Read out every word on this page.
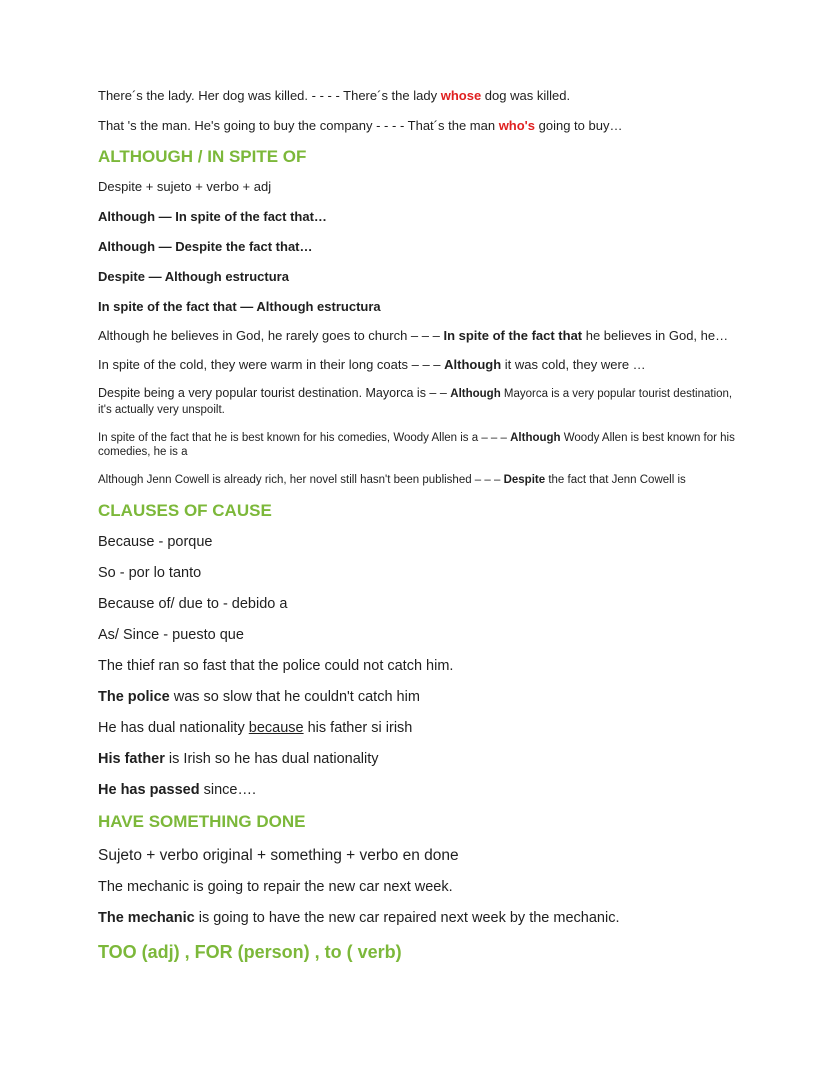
There´s the lady. Her dog was killed. - - - - There´s the lady whose dog was killed.

That 's the man. He's going to buy the company - - - - That´s the man who's going to buy…

ALTHOUGH / IN SPITE OF

Despite + sujeto + verbo + adj

Although — In spite of the fact that…

Although — Despite the fact that…

Despite — Although estructura

In spite of the fact that — Although estructura

Although he believes in God, he rarely goes to church – – – In spite of the fact that he believes in God, he…

In spite of the cold, they were warm in their long coats – – – Although it was cold, they were …

Despite being a very popular tourist destination. Mayorca is – – Although Mayorca is a very popular tourist destination, it's actually very unspoilt.

In spite of the fact that he is best known for his comedies, Woody Allen is a – – – Although Woody Allen is best known for his comedies, he is a

Although Jenn Cowell is already rich, her novel still hasn't been published – – – Despite the fact that Jenn Cowell is

CLAUSES OF CAUSE

Because - porque

So - por lo tanto

Because of/ due to - debido a

As/ Since - puesto que

The thief ran so fast that the police could not catch him.

The police was so slow that he couldn't catch him

He has dual nationality because his father si irish

His father is Irish so he has dual nationality

He has passed since….

HAVE SOMETHING DONE

Sujeto + verbo original + something + verbo en done

The mechanic is going to repair the new car next week.

The mechanic is going to have the new car repaired next week by the mechanic.

TOO (adj) , FOR (person) , to ( verb)
